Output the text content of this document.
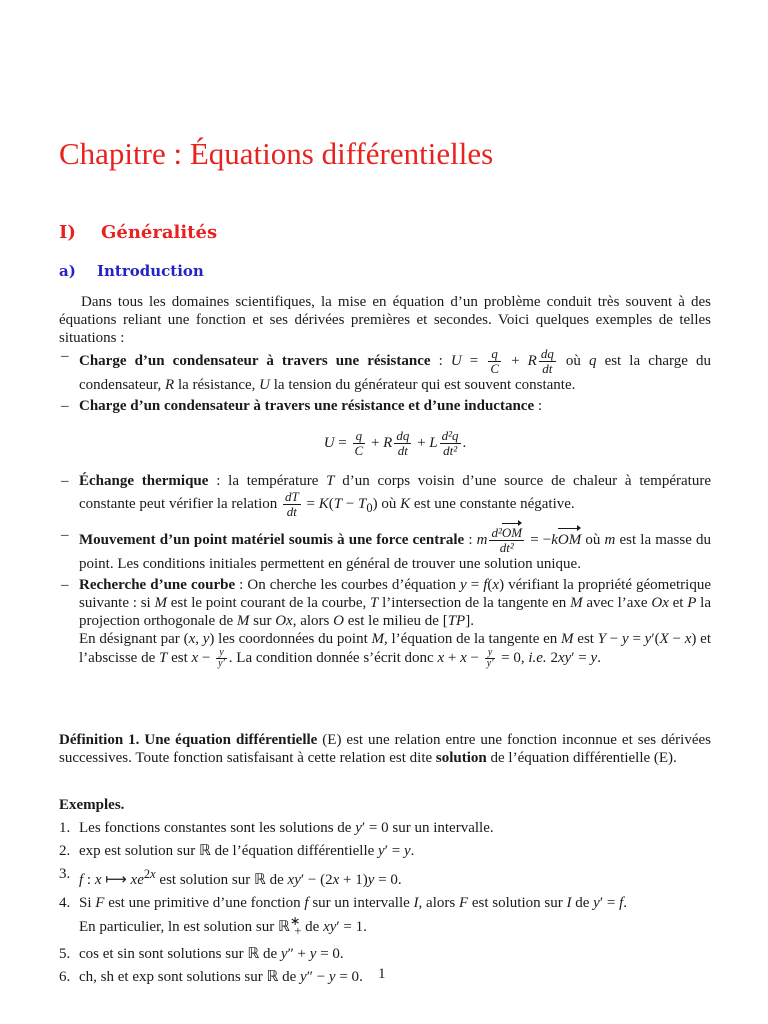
Chapitre : Équations différentielles
I) Généralités
a) Introduction

Dans tous les domaines scientifiques, la mise en équation d’un problème conduit très souvent à des équations reliant une fonction et ses dérivées premières et secondes. Voici quelques exemples de telles situations :

– Charge d’un condensateur à travers une résistance : $U = \frac{q}{C} + R \frac{dq}{dt}$ où q est la charge du condensateur, R la résistance, U la tension du générateur qui est souvent constante.
– Charge d’un condensateur à travers une résistance et d’une inductance :
$U = \frac{q}{C} + R \frac{dq}{dt} + L \frac{\text{d²q}}{\text{dt²}}$ .
– Échange thermique : la température T d’un corps voisin d’une source de chaleur à température constante peut vérifier la relation $\frac{dT}{dt} = K(T - T_0)$ où K est une constante négative.
– Mouvement d’un point matériel soumis à une force centrale : m $\frac{\text{d²OM}}{\text{dt²}} = -kOM$ où m est la masse du point. Les conditions initiales permettent en général de trouver une solution unique.
– Recherche d’une courbe : On cherche les courbes d’équation y = f(x) vérifiant la propriété géometrique suivante : si M est le point courant de la courbe, T l’intersection de la tangente en M avec l’axe Ox et P la projection orthogonale de M sur Ox, alors O est le milieu de [TP].
En désignant par (x, y) les coordonnées du point M, l’équation de la tangente en M est Y − y = y′(X − x) et l’abscisse de T est $x - \frac{y}{y'}$ . La condition donnée s’écrit donc $x + x - \frac{y}{y'} = 0$, i.e. 2xy′ = y.

Définition 1. Une équation différentielle (E) est une relation entre une fonction inconnue et ses dérivées successives. Toute fonction satisfaisant à cette relation est dite solution de l’équation différentielle (E).

Exemples.
1. Les fonctions constantes sont les solutions de y′ = 0 sur un intervalle.
2. exp est solution sur ℝ de l’équation différentielle y′ = y.
3. f : x ⟼ $xe^{2x}$ est solution sur ℝ de xy′ − (2x + 1)y = 0.
4. Si F est une primitive d’une fonction f sur un intervalle I, alors F est solution sur I de y′ = f.
En particulier, ln est solution sur ℝ∗$_+$ de xy′ = 1.
5. cos et sin sont solutions sur ℝ de y″ + y = 0.
6. ch, sh et exp sont solutions sur ℝ de y″ − y = 0.	1
